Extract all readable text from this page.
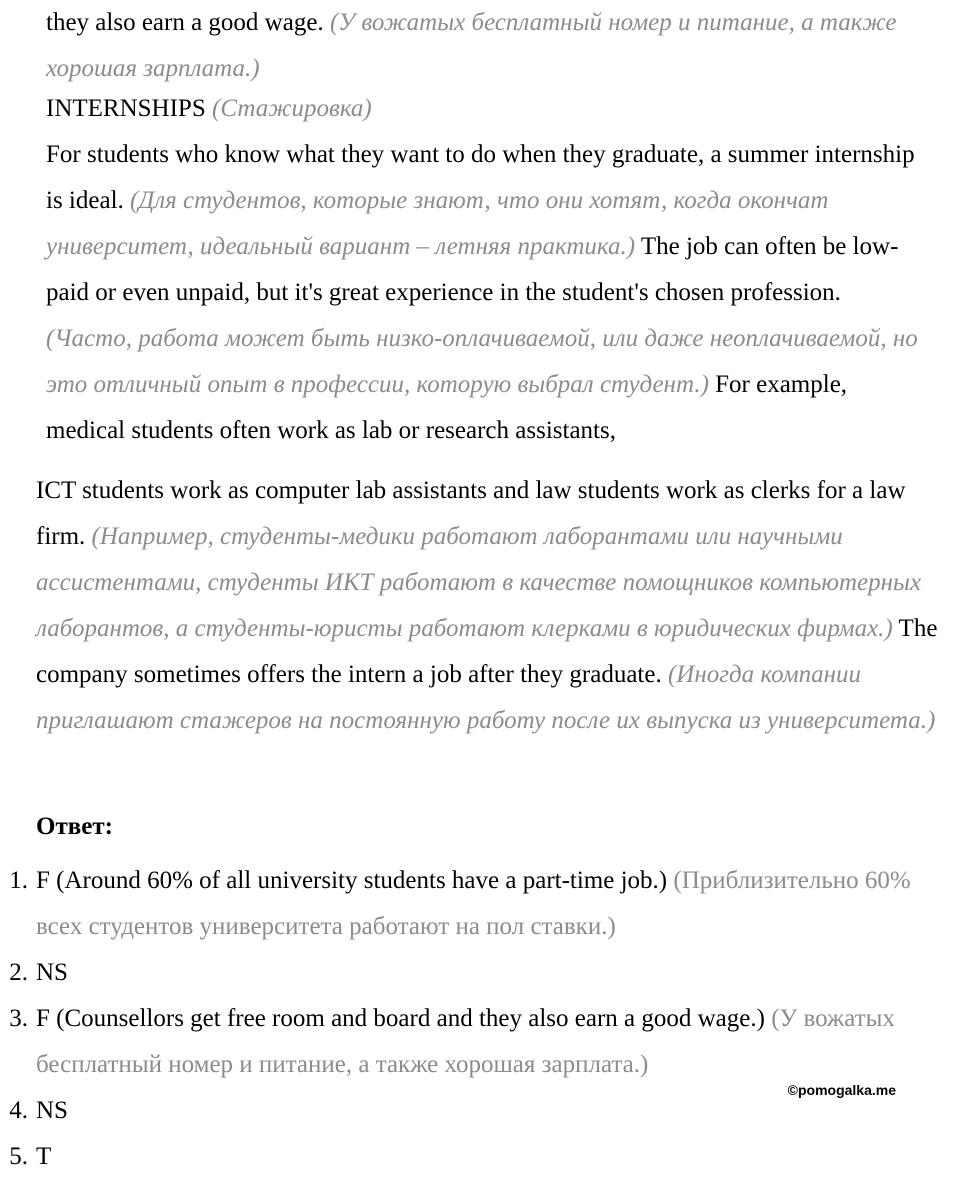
they also earn a good wage. (У вожатых бесплатный номер и питание, а также хорошая зарплата.)

INTERNSHIPS (Стажировка)

For students who know what they want to do when they graduate, a summer internship is ideal. (Для студентов, которые знают, что они хотят, когда окончат университет, идеальный вариант – летняя практика.) The job can often be low-paid or even unpaid, but it's great experience in the student's chosen profession. (Часто, работа может быть низко-оплачиваемой, или даже неоплачиваемой, но это отличный опыт в профессии, которую выбрал студент.) For example, medical students often work as lab or research assistants,

ICT students work as computer lab assistants and law students work as clerks for a law firm. (Например, студенты-медики работают лаборантами или научными ассистентами, студенты ИКТ работают в качестве помощников компьютерных лаборантов, а студенты-юристы работают клерками в юридических фирмах.) The company sometimes offers the intern a job after they graduate. (Иногда компании приглашают стажеров на постоянную работу после их выпуска из университета.)

Ответ:

1. F (Around 60% of all university students have a part-time job.) (Приблизительно 60% всех студентов университета работают на пол ставки.)
2. NS
3. F (Counsellors get free room and board and they also earn a good wage.) (У вожатых бесплатный номер и питание, а также хорошая зарплата.)
4. NS
5. T
©pomogalka.me
